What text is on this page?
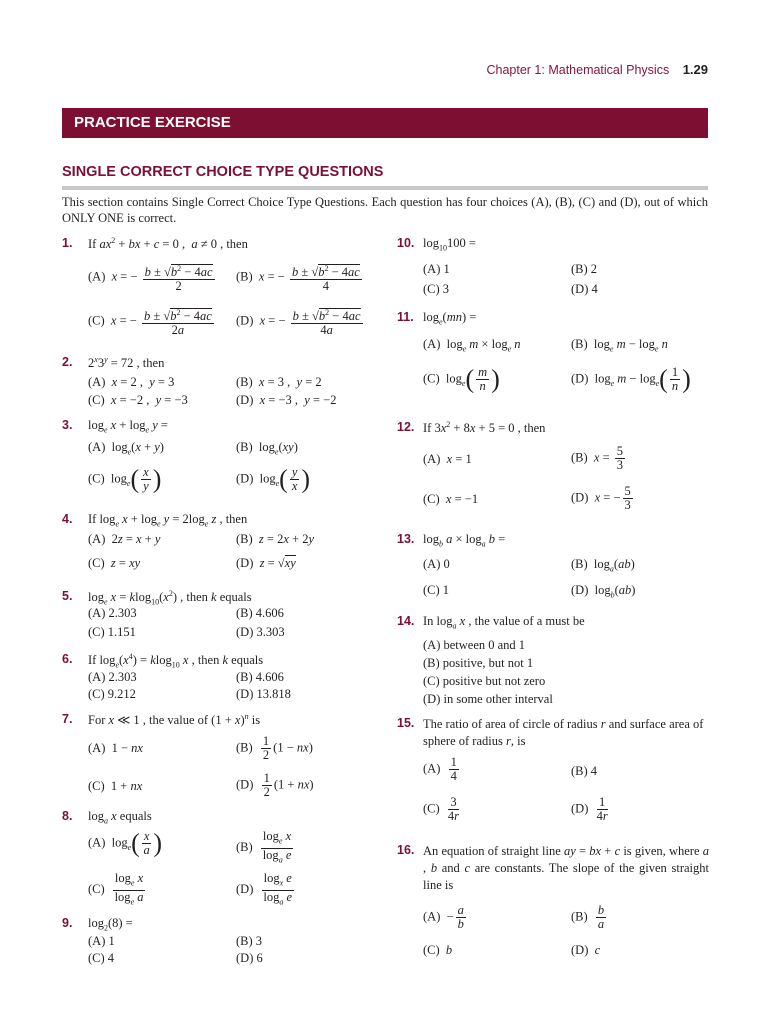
Chapter 1: Mathematical Physics 1.29
PRACTICE EXERCISE
SINGLE CORRECT CHOICE TYPE QUESTIONS
This section contains Single Correct Choice Type Questions. Each question has four choices (A), (B), (C) and (D), out of which ONLY ONE is correct.
1. If $ax^2$ + bx + c = 0 ,  a ≠ 0 , then
(A)  x = − $\frac{b \pm √b^2 - 4ac}{2} (B) x$ = − $\frac{b \pm √b^2 - 4ac}{4}$
(C)  x = − $\frac{b \pm √b^2 - 4ac}{2a} (D) x$ = − $\frac{b \pm √b^2 - 4ac}{4a}$
2. $2^x3^y = 72$ , then
(A)  x = 2 ,  y = 3	(B)  x = 3 ,  y = 2
(C)  x = −2 ,  y = −3	(D)  x = −3 ,  y = −2
3. $\log_e x + \log_e y$ =
(A)  $\log_e(x + y)$	(B)  $\log_e(xy)$
(C)  $\log_e( \frac{x}{y}$ )	(D)  $\log_e( \frac{y}{x}$ )
4. If $\log_e x + \log_e y = 2\log_e$ z , then
(A)  2z = x + y	(B)  z = 2x + 2y
(C)  z = xy	(D)  z = √xy
5. $\log_e x = klog_{10}(x^2)$ , then k equals
(A) 2.303	(B) 4.606
(C) 1.151	(D) 3.303
6. If $\log_e(x^4) = klog_{10}$ x , then k equals
(A) 2.303	(B) 4.606
(C) 9.212	(D) 13.818
7. For x ≪ 1 , the value of $(1 + x)^n$ is
(A)  1 − nx	$(B) \frac{1}{2} (1 - nx)$
(C)  1 + nx	$(D) \frac{1}{2} (1 + nx)$
8. $\log_a x$ equals
(A)  $\log_e( \frac{x}{a}$ )	$(B) \frac{\log_e x}{\log_a e}$
$(C) \frac{\log_e x}{\log_e a}$	$(D) \frac{\log_x e}{\log_a e}$
9. $\log_2(8)$ =
(A) 1	(B) 3
(C) 4	(D) 6
10. $\log_{10}100$ =
(A) 1	(B) 2
(C) 3	(D) 4
11. $\log_e(mn)$ =
(A)  $\log_e m \times \log_e n$	(B)  $\log_e m - \log_e n$
(C)  $\log_e( \frac{m}{n}$ )	(D)  $\log_e m - \log_e( \frac{1}{n}$ )
12. If $3x^2 + 8x + 5 = 0$ , then
(A)  x = 1	(B)  $x = \frac{5}{3}$
(C)  x = −1	(D)  x = − $\frac{5}{3}$
13. $\log_b a \times \log_a b$ =
(A) 0	(B)  $\log_a(ab)$
(C) 1	(D)  $\log_b(ab)$
14. In $\log_a x$ , the value of a must be
(A) between 0 and 1
(B) positive, but not 1
(C) positive but not zero
(D) in some other interval
15. The ratio of area of circle of radius r and surface area of sphere of radius r, is
$(A) \frac{1}{4}$	(B) 4
$(C) \frac{3}{4r}$	$(D) \frac{1}{4r}$
16. An equation of straight line ay = bx + c is given, where a , b and c are constants. The slope of the given straight line is
$(A) - \frac{a}{b}$	$(B) \frac{b}{a}$
(C)  b	(D)  c
